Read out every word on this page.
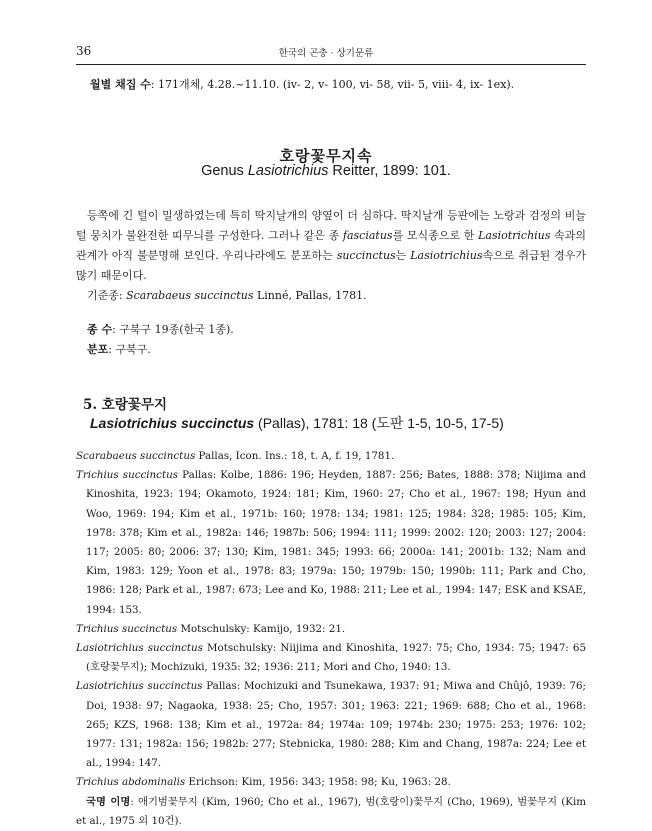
36	한국의 곤충 · 상기문류
월별 채집 수: 171개체, 4.28.~11.10. (iv- 2, v- 100, vi- 58, vii- 5, viii- 4, ix- 1ex).
호랑꽃무지속
Genus Lasiotrichius Reitter, 1899: 101.
등쪽에 긴 털이 밀생하였는데 특히 딱지날개의 양옆이 더 심하다. 딱지날개 등판에는 노랑과 검정의 비늘털 뭉치가 불완전한 띠무늬를 구성한다. 그러나 같은 종 fasciatus를 모식종으로 한 Lasiotrichius 속과의 관계가 아직 불분명해 보인다. 우리나라에도 분포하는 succinctus는 Lasiotrichius속으로 취급된 경우가 많기 때문이다.
기준종: Scarabaeus succinctus Linné, Pallas, 1781.
종 수: 구북구 19종(한국 1종).
분포: 구북구.
5. 호랑꽃무지
Lasiotrichius succinctus (Pallas), 1781: 18 (도판 1-5, 10-5, 17-5)
Scarabaeus succinctus Pallas, Icon. Ins.: 18, t. A, f. 19, 1781.
Trichius succinctus Pallas: Kolbe, 1886: 196; Heyden, 1887: 256; Bates, 1888: 378; Niijima and Kinoshita, 1923: 194; Okamoto, 1924: 181; Kim, 1960: 27; Cho et al., 1967: 198; Hyun and Woo, 1969: 194; Kim et al., 1971b: 160; 1978: 134; 1981: 125; 1984: 328; 1985: 105; Kim, 1978: 378; Kim et al., 1982a: 146; 1987b: 506; 1994: 111; 1999: 2002: 120; 2003: 127; 2004: 117; 2005: 80; 2006: 37; 130; Kim, 1981: 345; 1993: 66; 2000a: 141; 2001b: 132; Nam and Kim, 1983: 129; Yoon et al., 1978: 83; 1979a: 150; 1979b: 150; 1990b: 111; Park and Cho, 1986: 128; Park et al., 1987: 673; Lee and Ko, 1988: 211; Lee et al., 1994: 147; ESK and KSAE, 1994: 153.
Trichius succinctus Motschulsky: Kamijo, 1932: 21.
Lasiotrichius succinctus Motschulsky: Niijima and Kinoshita, 1927: 75; Cho, 1934: 75; 1947: 65 (호랑꽃무지); Mochizuki, 1935: 32; 1936: 211; Mori and Cho, 1940: 13.
Lasiotrichius succinctus Pallas: Mochizuki and Tsunekawa, 1937: 91; Miwa and Chûjô, 1939: 76; Doi, 1938: 97; Nagaoka, 1938: 25; Cho, 1957: 301; 1963: 221; 1969: 688; Cho et al., 1968: 265; KZS, 1968: 138; Kim et al., 1972a: 84; 1974a: 109; 1974b: 230; 1975: 253; 1976: 102; 1977: 131; 1982a: 156; 1982b: 277; Stebnicka, 1980: 288; Kim and Chang, 1987a: 224; Lee et al., 1994: 147.
Trichius abdominalis Erichson: Kim, 1956: 343; 1958: 98; Ku, 1963: 28.
국명 이명: 애기범꽃무지 (Kim, 1960; Cho et al., 1967), 범(호랑이)꽃무지 (Cho, 1969), 범꽃무지 (Kim et al., 1975 외 10건).
